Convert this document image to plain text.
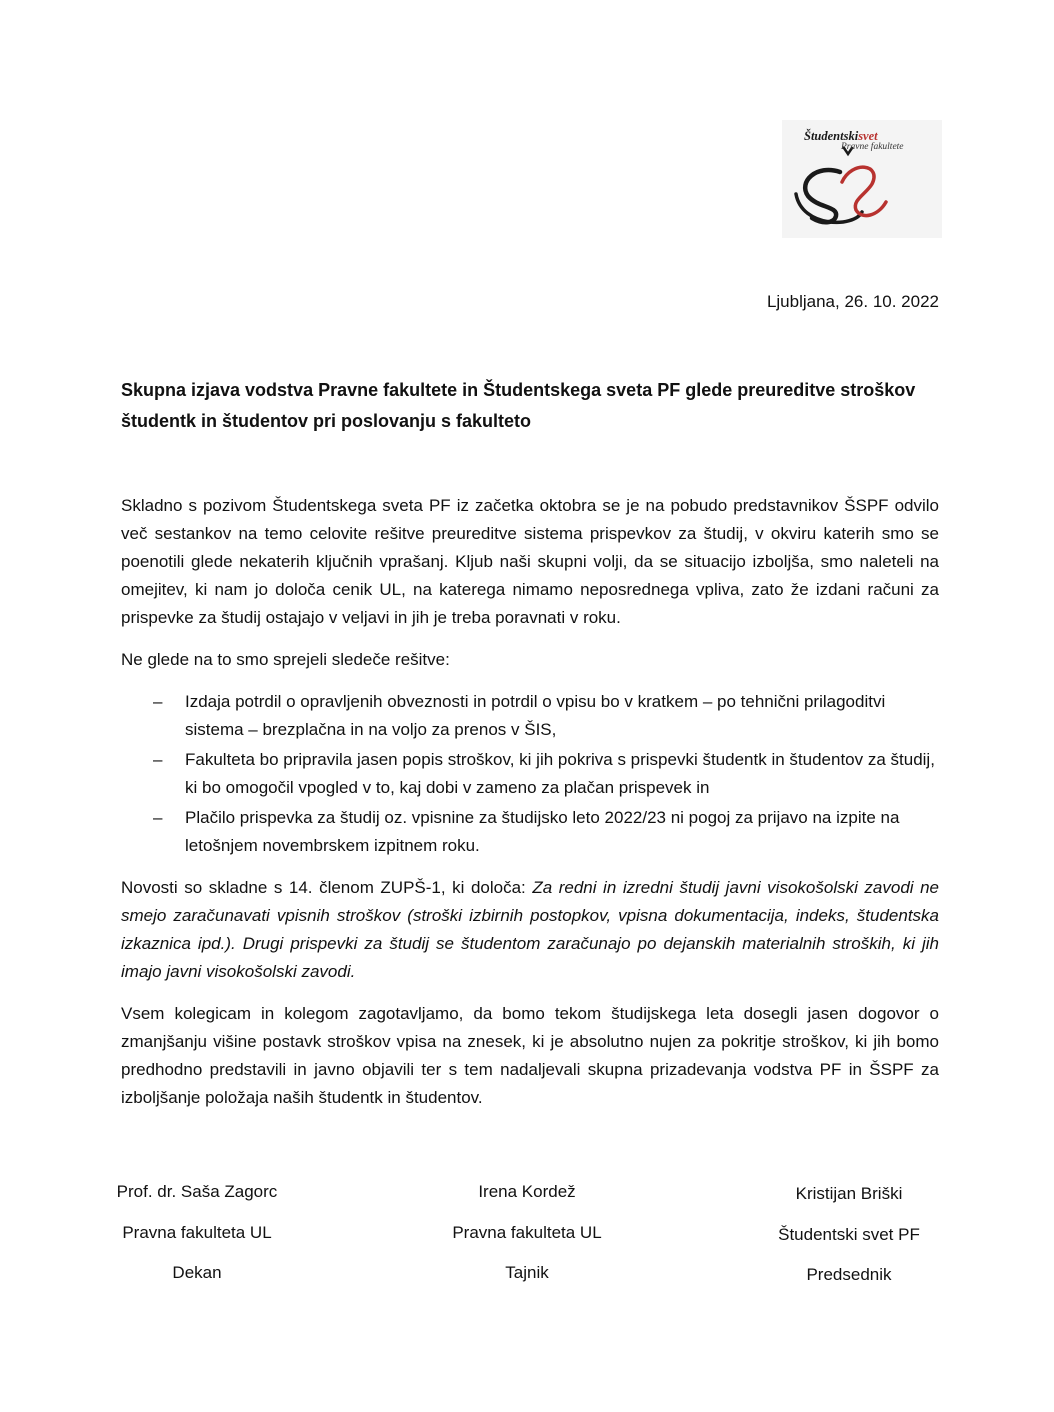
Študentskisvet
Pravne fakultete
Ljubljana, 26. 10. 2022
Skupna izjava vodstva Pravne fakultete in Študentskega sveta PF glede preureditve stroškov študentk in študentov pri poslovanju s fakulteto

Skladno s pozivom Študentskega sveta PF iz začetka oktobra se je na pobudo predstavnikov ŠSPF odvilo več sestankov na temo celovite rešitve preureditve sistema prispevkov za študij, v okviru katerih smo se poenotili glede nekaterih ključnih vprašanj. Kljub naši skupni volji, da se situacijo izboljša, smo naleteli na omejitev, ki nam jo določa cenik UL, na katerega nimamo neposrednega vpliva, zato že izdani računi za prispevke za študij ostajajo v veljavi in jih je treba poravnati v roku.

Ne glede na to smo sprejeli sledeče rešitve:

– Izdaja potrdil o opravljenih obveznosti in potrdil o vpisu bo v kratkem – po tehnični prilagoditvi sistema – brezplačna in na voljo za prenos v ŠIS,
– Fakulteta bo pripravila jasen popis stroškov, ki jih pokriva s prispevki študentk in študentov za študij, ki bo omogočil vpogled v to, kaj dobi v zameno za plačan prispevek in
– Plačilo prispevka za študij oz. vpisnine za študijsko leto 2022/23 ni pogoj za prijavo na izpite na letošnjem novembrskem izpitnem roku.

Novosti so skladne s 14. členom ZUPŠ-1, ki določa: Za redni in izredni študij javni visokošolski zavodi ne smejo zaračunavati vpisnih stroškov (stroški izbirnih postopkov, vpisna dokumentacija, indeks, študentska izkaznica ipd.). Drugi prispevki za študij se študentom zaračunajo po dejanskih materialnih stroških, ki jih imajo javni visokošolski zavodi.

Vsem kolegicam in kolegom zagotavljamo, da bomo tekom študijskega leta dosegli jasen dogovor o zmanjšanju višine postavk stroškov vpisa na znesek, ki je absolutno nujen za pokritje stroškov, ki jih bomo predhodno predstavili in javno objavili ter s tem nadaljevali skupna prizadevanja vodstva PF in ŠSPF za izboljšanje položaja naših študentk in študentov.

Prof. dr. Saša Zagorc
Pravna fakulteta UL
Dekan
Irena Kordež
Pravna fakulteta UL
Tajnik
Kristijan Briški
Študentski svet PF
Predsednik
